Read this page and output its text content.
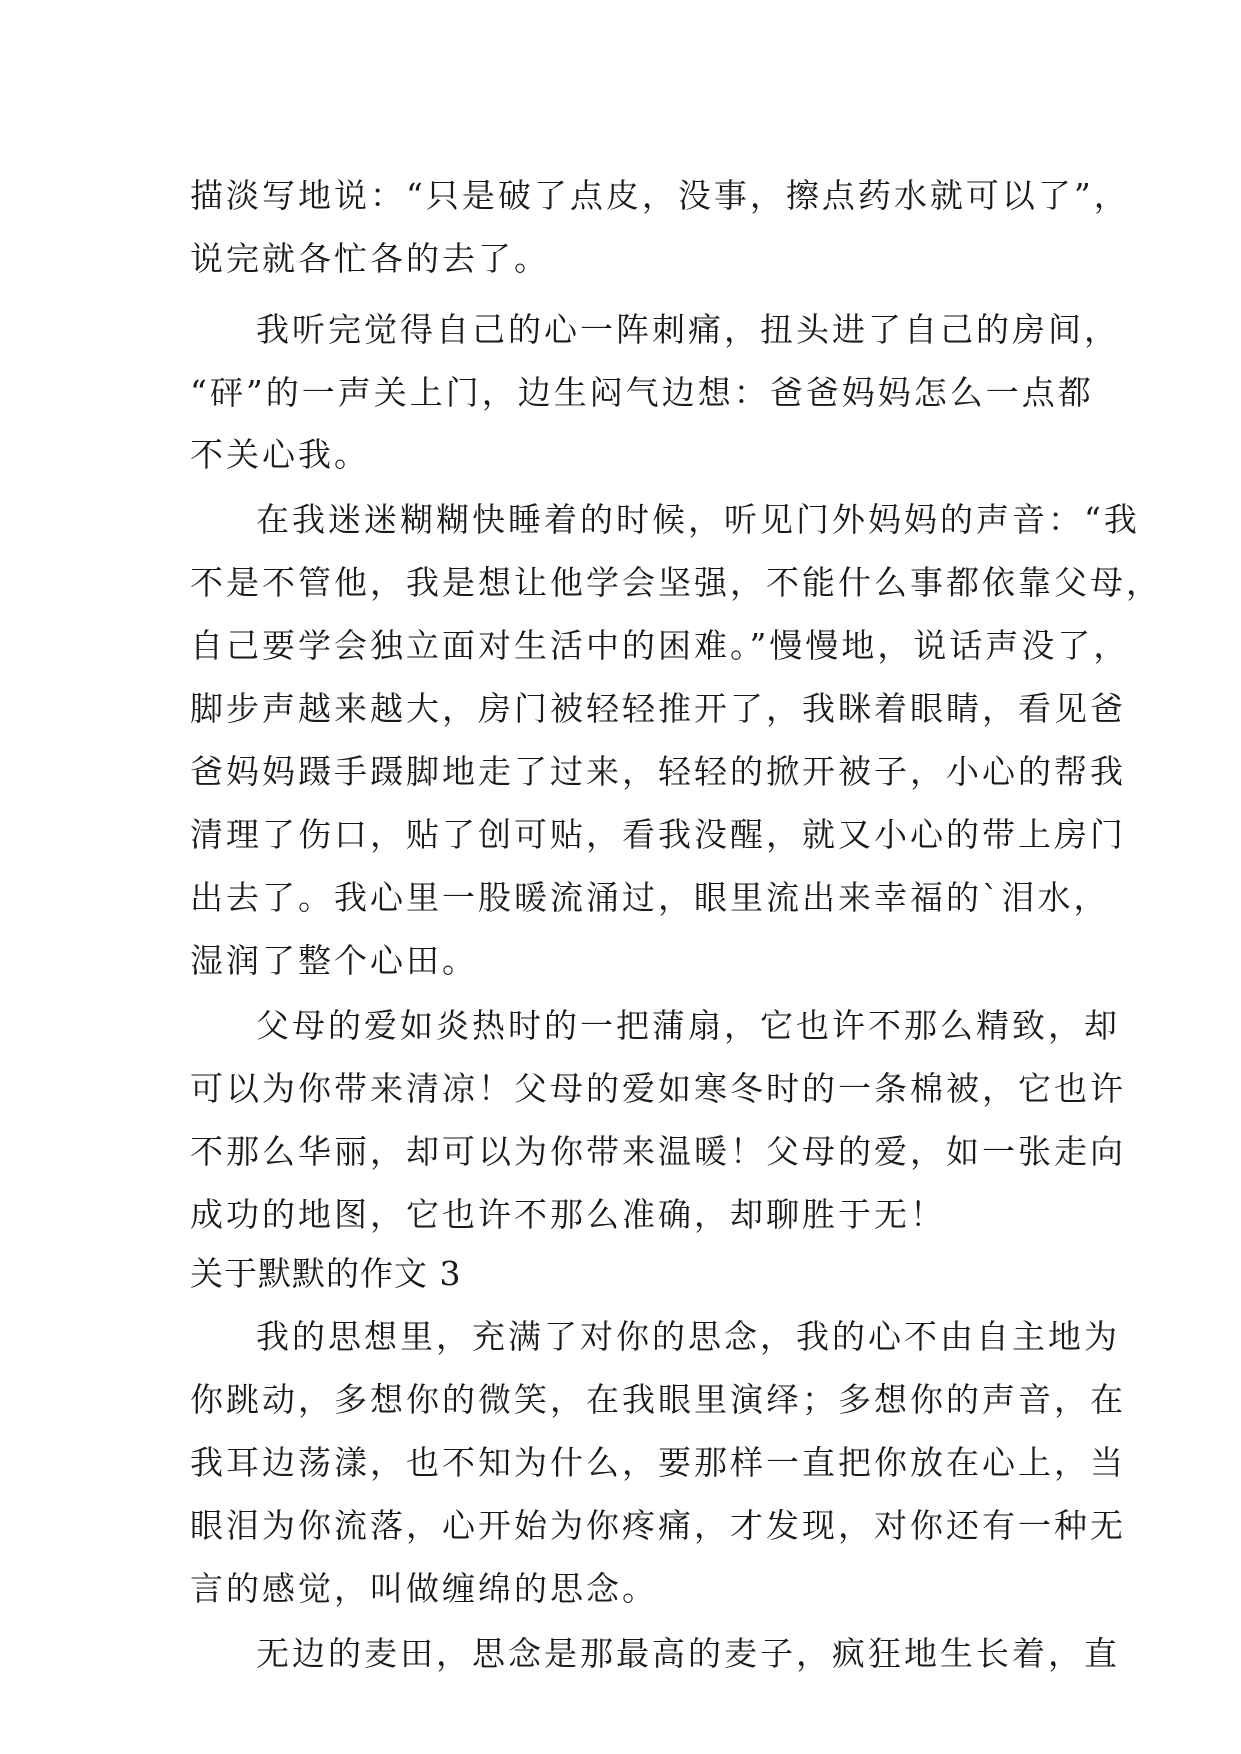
描淡写地说：“只是破了点皮，没事，擦点药水就可以了”，
说完就各忙各的去了。
我听完觉得自己的心一阵刺痛，扭头进了自己的房间，
“砰”的一声关上门，边生闷气边想：爸爸妈妈怎么一点都
不关心我。
在我迷迷糊糊快睡着的时候，听见门外妈妈的声音：“我
不是不管他，我是想让他学会坚强，不能什么事都依靠父母，
自己要学会独立面对生活中的困难。”慢慢地，说话声没了，
脚步声越来越大，房门被轻轻推开了，我眯着眼睛，看见爸
爸妈妈蹑手蹑脚地走了过来，轻轻的掀开被子，小心的帮我
清理了伤口，贴了创可贴，看我没醒，就又小心的带上房门
出去了。我心里一股暖流涌过，眼里流出来幸福的`泪水，
湿润了整个心田。
父母的爱如炎热时的一把蒲扇，它也许不那么精致，却
可以为你带来清凉！父母的爱如寒冬时的一条棉被，它也许
不那么华丽，却可以为你带来温暖！父母的爱，如一张走向
成功的地图，它也许不那么准确，却聊胜于无！
关于默默的作文 3
我的思想里，充满了对你的思念，我的心不由自主地为
你跳动，多想你的微笑，在我眼里演绎；多想你的声音，在
我耳边荡漾，也不知为什么，要那样一直把你放在心上，当
眼泪为你流落，心开始为你疼痛，才发现，对你还有一种无
言的感觉，叫做缠绵的思念。
无边的麦田，思念是那最高的麦子，疯狂地生长着，直
